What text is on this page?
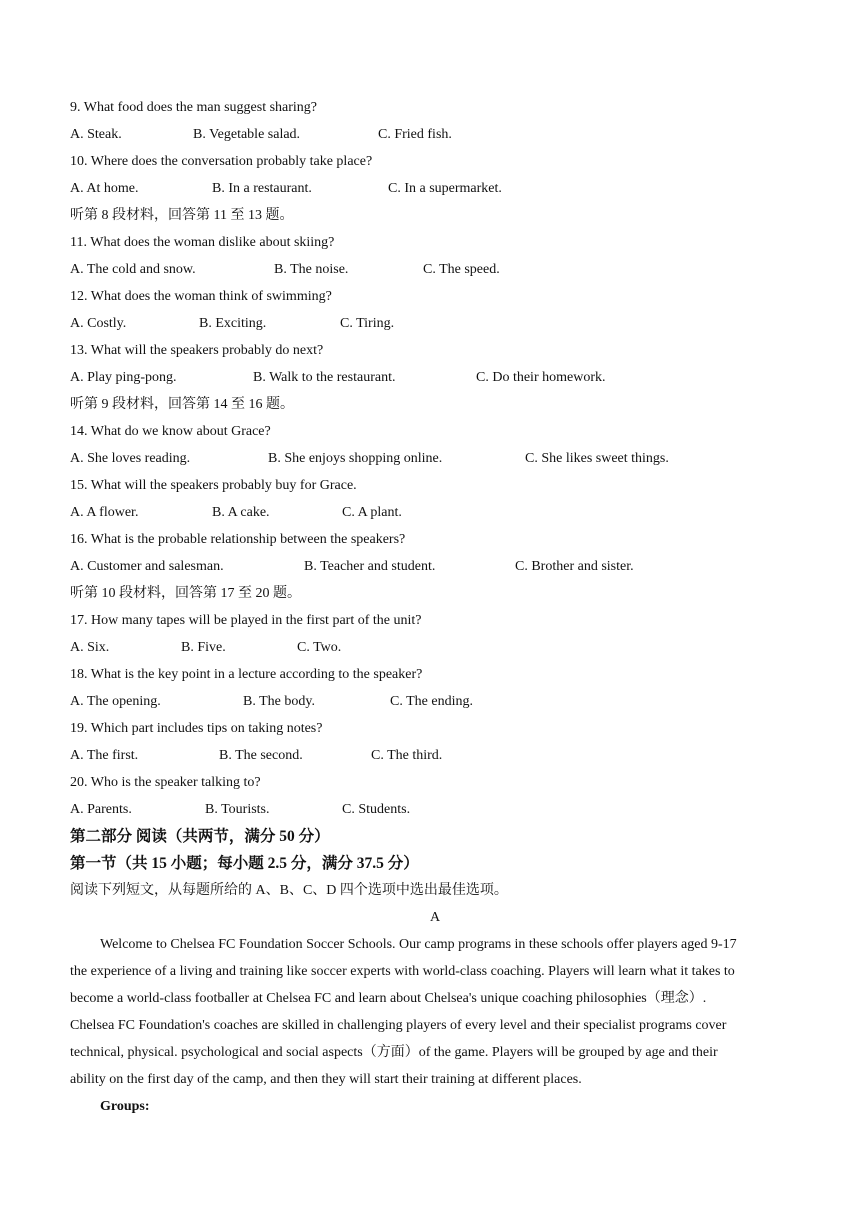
9. What food does the man suggest sharing?
A. Steak.	B. Vegetable salad.	C. Fried fish.
10. Where does the conversation probably take place?
A. At home.	B. In a restaurant.	C. In a supermarket.
听第 8 段材料，回答第 11 至 13 题。
11. What does the woman dislike about skiing?
A. The cold and snow.	B. The noise.	C. The speed.
12. What does the woman think of swimming?
A. Costly.	B. Exciting.	C. Tiring.
13. What will the speakers probably do next?
A. Play ping-pong.	B. Walk to the restaurant.	C. Do their homework.
听第 9 段材料，回答第 14 至 16 题。
14. What do we know about Grace?
A. She loves reading.	B. She enjoys shopping online.	C. She likes sweet things.
15. What will the speakers probably buy for Grace.
A. A flower.	B. A cake.	C. A plant.
16. What is the probable relationship between the speakers?
A. Customer and salesman.	B. Teacher and student.	C. Brother and sister.
听第 10 段材料，回答第 17 至 20 题。
17. How many tapes will be played in the first part of the unit?
A. Six.	B. Five.	C. Two.
18. What is the key point in a lecture according to the speaker?
A. The opening.	B. The body.	C. The ending.
19. Which part includes tips on taking notes?
A. The first.	B. The second.	C. The third.
20. Who is the speaker talking to?
A. Parents.	B. Tourists.	C. Students.
第二部分 阅读（共两节，满分 50 分）
第一节（共 15 小题；每小题 2.5 分，满分 37.5 分）
阅读下列短文，从每题所给的 A、B、C、D 四个选项中选出最佳选项。
A
Welcome to Chelsea FC Foundation Soccer Schools. Our camp programs in these schools offer players aged 9-17
the experience of a living and training like soccer experts with world-class coaching. Players will learn what it takes to
become a world-class footballer at Chelsea FC and learn about Chelsea's unique coaching philosophies（理念）.
Chelsea FC Foundation's coaches are skilled in challenging players of every level and their specialist programs cover
technical, physical. psychological and social aspects（方面）of the game. Players will be grouped by age and their
ability on the first day of the camp, and then they will start their training at different places.
Groups:
